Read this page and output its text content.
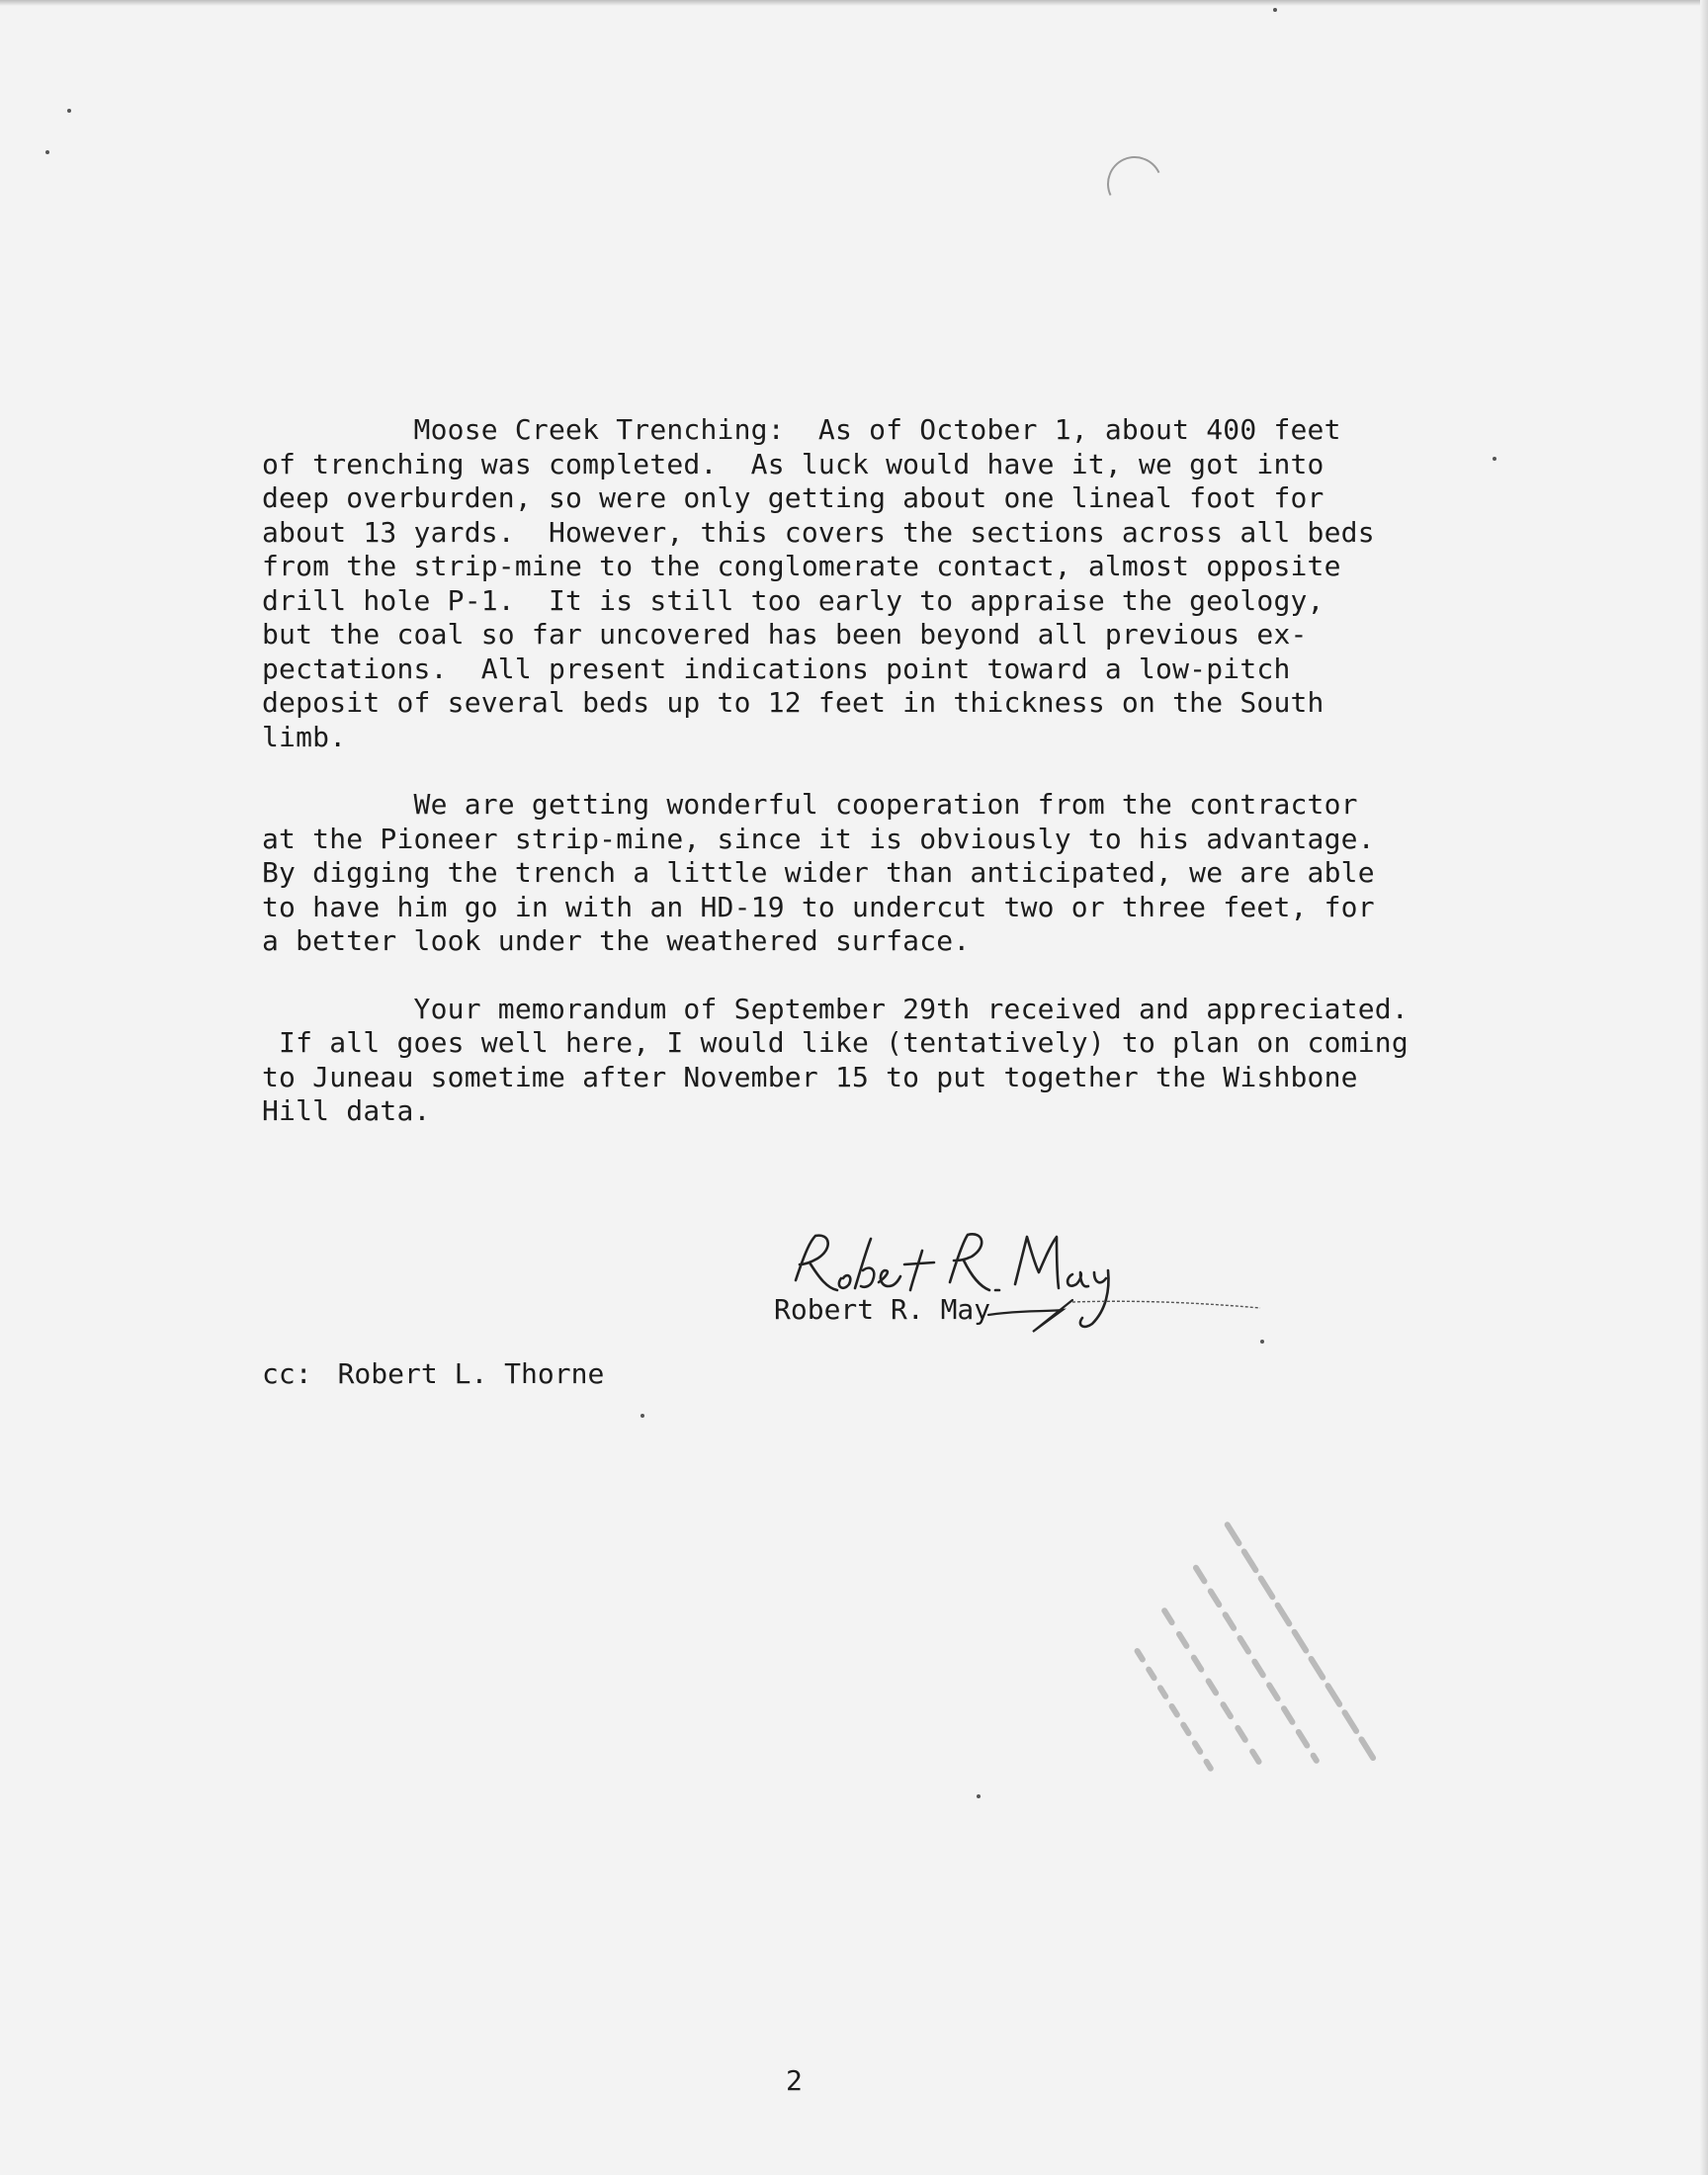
Moose Creek Trenching:  As of October 1, about 400 feet
of trenching was completed.  As luck would have it, we got into
deep overburden, so were only getting about one lineal foot for
about 13 yards.  However, this covers the sections across all beds
from the strip-mine to the conglomerate contact, almost opposite
drill hole P-1.  It is still too early to appraise the geology,
but the coal so far uncovered has been beyond all previous ex-
pectations.  All present indications point toward a low-pitch
deposit of several beds up to 12 feet in thickness on the South
limb.
We are getting wonderful cooperation from the contractor
at the Pioneer strip-mine, since it is obviously to his advantage.
By digging the trench a little wider than anticipated, we are able
to have him go in with an HD-19 to undercut two or three feet, for
a better look under the weathered surface.
Your memorandum of September 29th received and appreciated.
If all goes well here, I would like (tentatively) to plan on coming
to Juneau sometime after November 15 to put together the Wishbone
Hill data.
Robert R. May
cc: Robert L. Thorne
2
